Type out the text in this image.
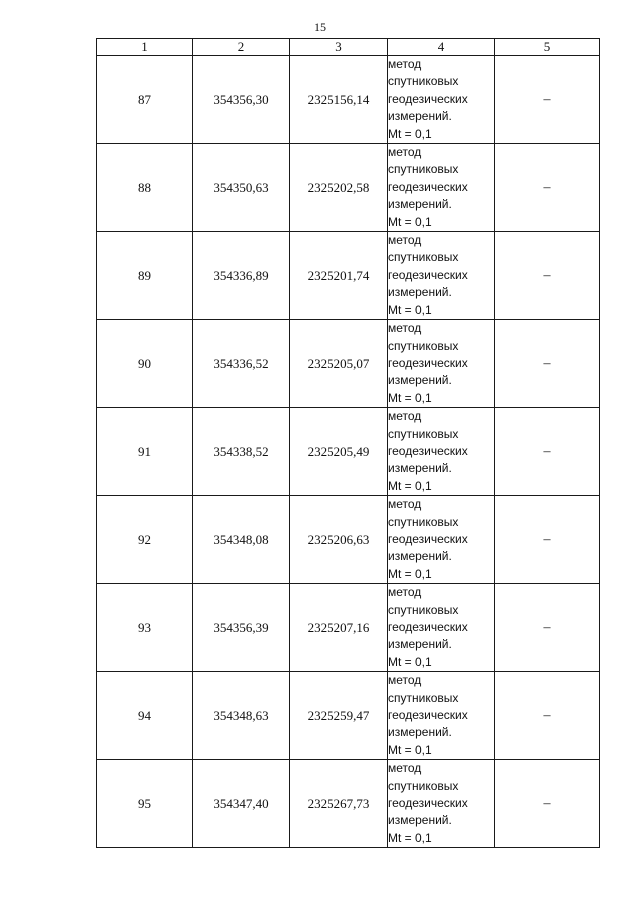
15
1	2	3	4	5
87	354356,30	2325156,14	метод
спутниковых
геодезических
измерений.
Mt = 0,1	–
88	354350,63	2325202,58	метод
спутниковых
геодезических
измерений.
Mt = 0,1	–
89	354336,89	2325201,74	метод
спутниковых
геодезических
измерений.
Mt = 0,1	–
90	354336,52	2325205,07	метод
спутниковых
геодезических
измерений.
Mt = 0,1	–
91	354338,52	2325205,49	метод
спутниковых
геодезических
измерений.
Mt = 0,1	–
92	354348,08	2325206,63	метод
спутниковых
геодезических
измерений.
Mt = 0,1	–
93	354356,39	2325207,16	метод
спутниковых
геодезических
измерений.
Mt = 0,1	–
94	354348,63	2325259,47	метод
спутниковых
геодезических
измерений.
Mt = 0,1	–
95	354347,40	2325267,73	метод
спутниковых
геодезических
измерений.
Mt = 0,1	–
